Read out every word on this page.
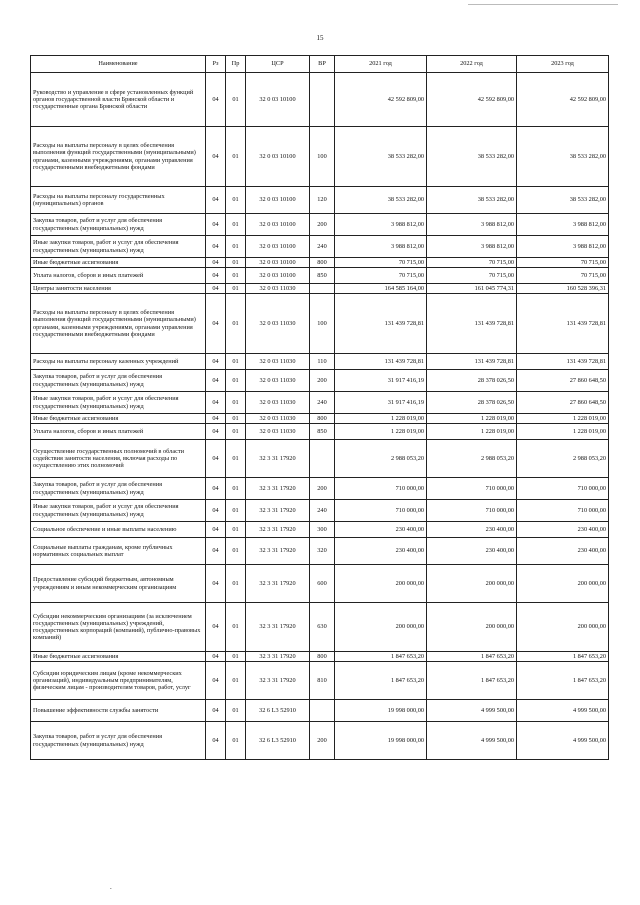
15
Наименование	Рз	Пр	ЦСР	ВР	2021 год	2022 год	2023 год
Руководство и управление в сфере установленных функций органов государственной власти Брянской области и государственные органа Брянской области	04	01	32 0 03 10100		42 592 809,00	42 592 809,00	42 592 809,00
Расходы на выплаты персоналу в целях обеспечения выполнения функций государственными (муниципальными) органами, казенными учреждениями, органами управления государственными внебюджетными фондами	04	01	32 0 03 10100	100	38 533 282,00	38 533 282,00	38 533 282,00
Расходы на выплаты персоналу государственных (муниципальных) органов	04	01	32 0 03 10100	120	38 533 282,00	38 533 282,00	38 533 282,00
Закупка товаров, работ и услуг для обеспечения государственных (муниципальных) нужд	04	01	32 0 03 10100	200	3 988 812,00	3 988 812,00	3 988 812,00
Иные закупки товаров, работ и услуг для обеспечения государственных (муниципальных) нужд	04	01	32 0 03 10100	240	3 988 812,00	3 988 812,00	3 988 812,00
Иные бюджетные ассигнования	04	01	32 0 03 10100	800	70 715,00	70 715,00	70 715,00
Уплата налогов, сборов и иных платежей	04	01	32 0 03 10100	850	70 715,00	70 715,00	70 715,00
Центры занятости населения	04	01	32 0 03 11030		164 585 164,00	161 045 774,31	160 528 396,31
Расходы на выплаты персоналу в целях обеспечения выполнения функций государственными (муниципальными) органами, казенными учреждениями, органами управления государственными внебюджетными фондами	04	01	32 0 03 11030	100	131 439 728,81	131 439 728,81	131 439 728,81
Расходы на выплаты персоналу казенных учреждений	04	01	32 0 03 11030	110	131 439 728,81	131 439 728,81	131 439 728,81
Закупка товаров, работ и услуг для обеспечения государственных (муниципальных) нужд	04	01	32 0 03 11030	200	31 917 416,19	28 378 026,50	27 860 648,50
Иные закупки товаров, работ и услуг для обеспечения государственных (муниципальных) нужд	04	01	32 0 03 11030	240	31 917 416,19	28 378 026,50	27 860 648,50
Иные бюджетные ассигнования	04	01	32 0 03 11030	800	1 228 019,00	1 228 019,00	1 228 019,00
Уплата налогов, сборов и иных платежей	04	01	32 0 03 11030	850	1 228 019,00	1 228 019,00	1 228 019,00
Осуществление государственных полномочий в области содействия занятости населения, включая расходы по осуществлению этих полномочий	04	01	32 3 31 17920		2 988 053,20	2 988 053,20	2 988 053,20
Закупка товаров, работ и услуг для обеспечения государственных (муниципальных) нужд	04	01	32 3 31 17920	200	710 000,00	710 000,00	710 000,00
Иные закупки товаров, работ и услуг для обеспечения государственных (муниципальных) нужд	04	01	32 3 31 17920	240	710 000,00	710 000,00	710 000,00
Социальное обеспечение и иные выплаты населению	04	01	32 3 31 17920	300	230 400,00	230 400,00	230 400,00
Социальные выплаты гражданам, кроме публичных нормативных социальных выплат	04	01	32 3 31 17920	320	230 400,00	230 400,00	230 400,00
Предоставление субсидий бюджетным, автономным учреждениям и иным некоммерческим организациям	04	01	32 3 31 17920	600	200 000,00	200 000,00	200 000,00
Субсидии некоммерческим организациям (за исключением государственных (муниципальных) учреждений, государственных корпораций (компаний), публично-правовых компаний)	04	01	32 3 31 17920	630	200 000,00	200 000,00	200 000,00
Иные бюджетные ассигнования	04	01	32 3 31 17920	800	1 847 653,20	1 847 653,20	1 847 653,20
Субсидии юридическим лицам (кроме некоммерческих организаций), индивидуальным предпринимателям, физическим лицам - производителям товаров, работ, услуг	04	01	32 3 31 17920	810	1 847 653,20	1 847 653,20	1 847 653,20
Повышение эффективности службы занятости	04	01	32 6 L3 52910		19 998 000,00	4 999 500,00	4 999 500,00
Закупка товаров, работ и услуг для обеспечения государственных (муниципальных) нужд	04	01	32 6 L3 52910	200	19 998 000,00	4 999 500,00	4 999 500,00
.
